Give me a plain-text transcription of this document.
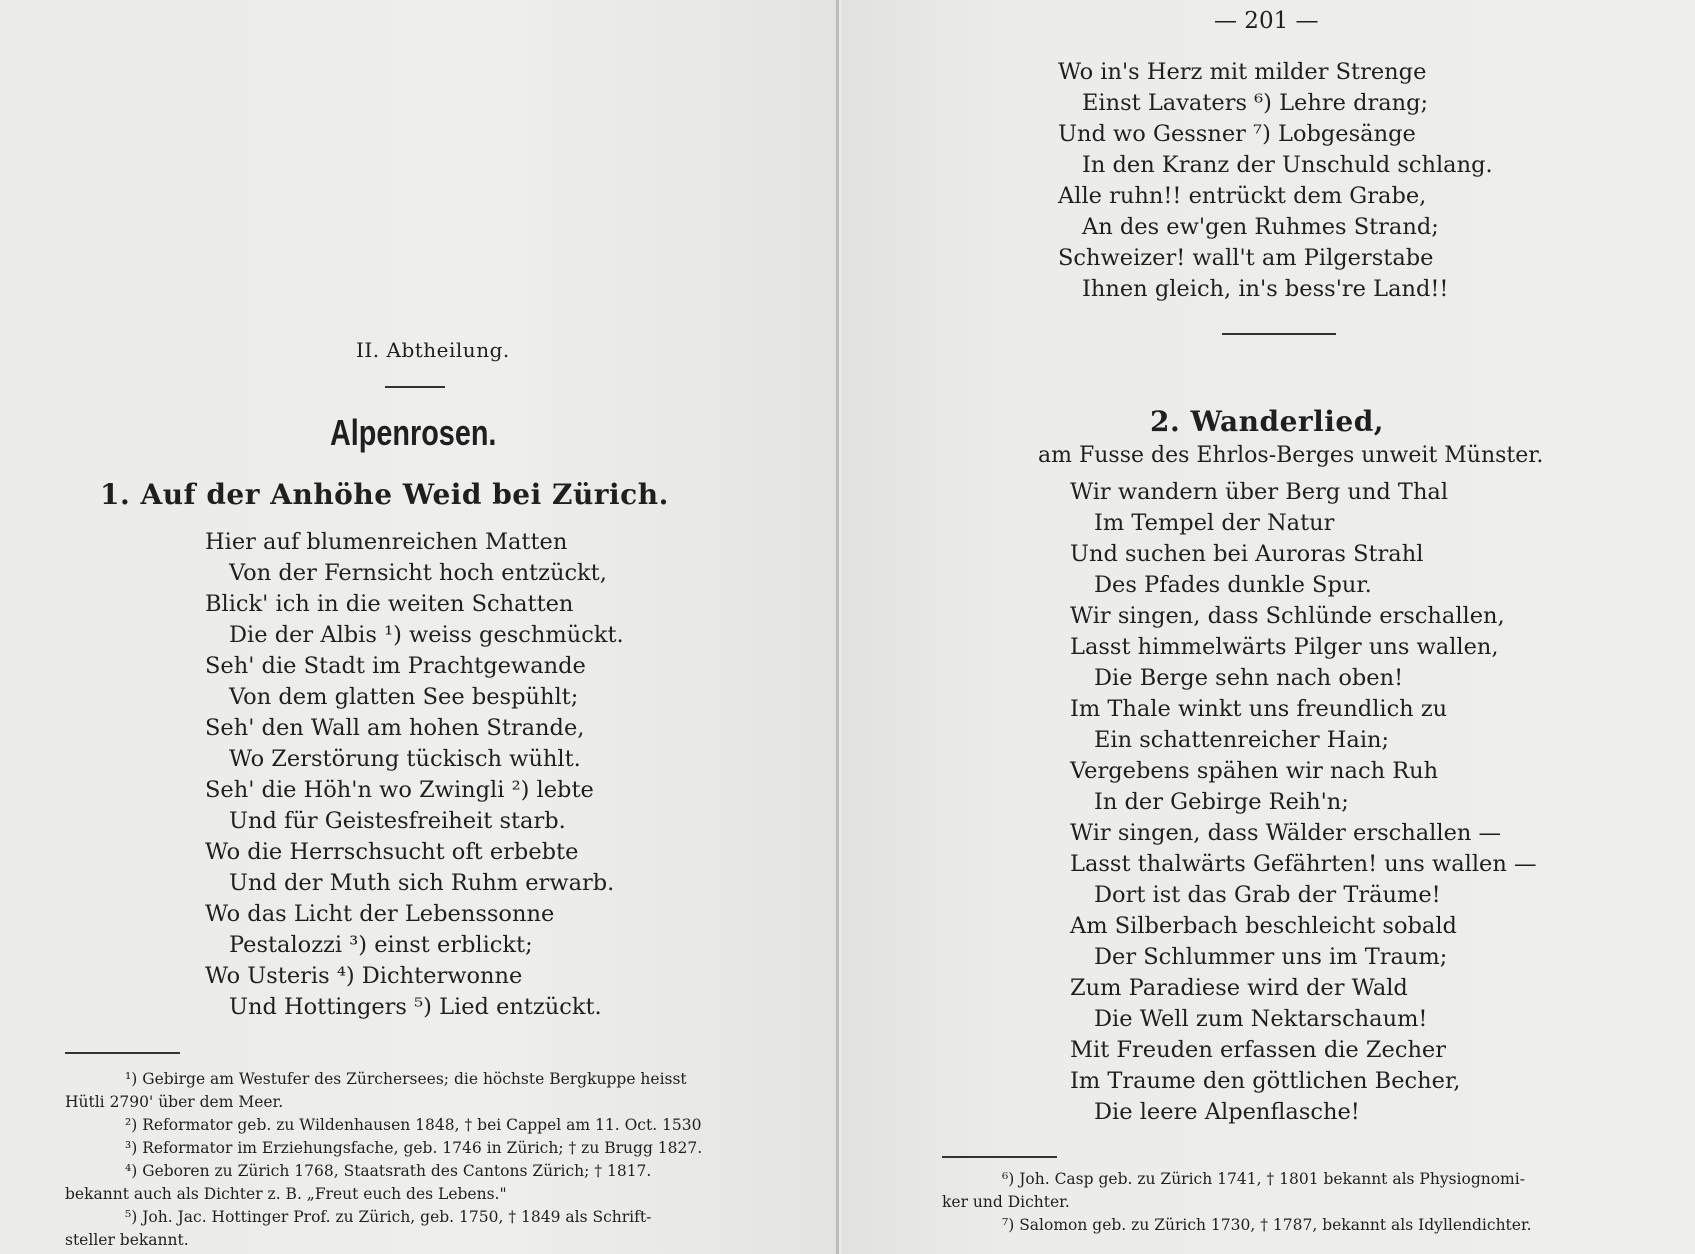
II. Abtheilung.
Alpenrosen.
1. Auf der Anhöhe Weid bei Zürich.
Hier auf blumenreichen Matten
Von der Fernsicht hoch entzückt,
Blick' ich in die weiten Schatten
Die der Albis ¹) weiss geschmückt.
Seh' die Stadt im Prachtgewande
Von dem glatten See bespühlt;
Seh' den Wall am hohen Strande,
Wo Zerstörung tückisch wühlt.
Seh' die Höh'n wo Zwingli ²) lebte
Und für Geistesfreiheit starb.
Wo die Herrschsucht oft erbebte
Und der Muth sich Ruhm erwarb.
Wo das Licht der Lebenssonne
Pestalozzi ³) einst erblickt;
Wo Usteris ⁴) Dichterwonne
Und Hottingers ⁵) Lied entzückt.
¹) Gebirge am Westufer des Zürchersees; die höchste Bergkuppe heisst
Hütli 2790' über dem Meer.
²) Reformator geb. zu Wildenhausen 1848, † bei Cappel am 11. Oct. 1530
³) Reformator im Erziehungsfache, geb. 1746 in Zürich; † zu Brugg 1827.
⁴) Geboren zu Zürich 1768, Staatsrath des Cantons Zürich; † 1817.
bekannt auch als Dichter z. B. „Freut euch des Lebens."
⁵) Joh. Jac. Hottinger Prof. zu Zürich, geb. 1750, † 1849 als Schrift-
steller bekannt.
— 201 —
Wo in's Herz mit milder Strenge
Einst Lavaters ⁶) Lehre drang;
Und wo Gessner ⁷) Lobgesänge
In den Kranz der Unschuld schlang.
Alle ruhn!! entrückt dem Grabe,
An des ew'gen Ruhmes Strand;
Schweizer! wall't am Pilgerstabe
Ihnen gleich, in's bess're Land!!
2. Wanderlied,
am Fusse des Ehrlos-Berges unweit Münster.
Wir wandern über Berg und Thal
Im Tempel der Natur
Und suchen bei Auroras Strahl
Des Pfades dunkle Spur.
Wir singen, dass Schlünde erschallen,
Lasst himmelwärts Pilger uns wallen,
Die Berge sehn nach oben!
Im Thale winkt uns freundlich zu
Ein schattenreicher Hain;
Vergebens spähen wir nach Ruh
In der Gebirge Reih'n;
Wir singen, dass Wälder erschallen —
Lasst thalwärts Gefährten! uns wallen —
Dort ist das Grab der Träume!
Am Silberbach beschleicht sobald
Der Schlummer uns im Traum;
Zum Paradiese wird der Wald
Die Well zum Nektarschaum!
Mit Freuden erfassen die Zecher
Im Traume den göttlichen Becher,
Die leere Alpenflasche!
⁶) Joh. Casp geb. zu Zürich 1741, † 1801 bekannt als Physiognomi-
ker und Dichter.
⁷) Salomon geb. zu Zürich 1730, † 1787, bekannt als Idyllendichter.
